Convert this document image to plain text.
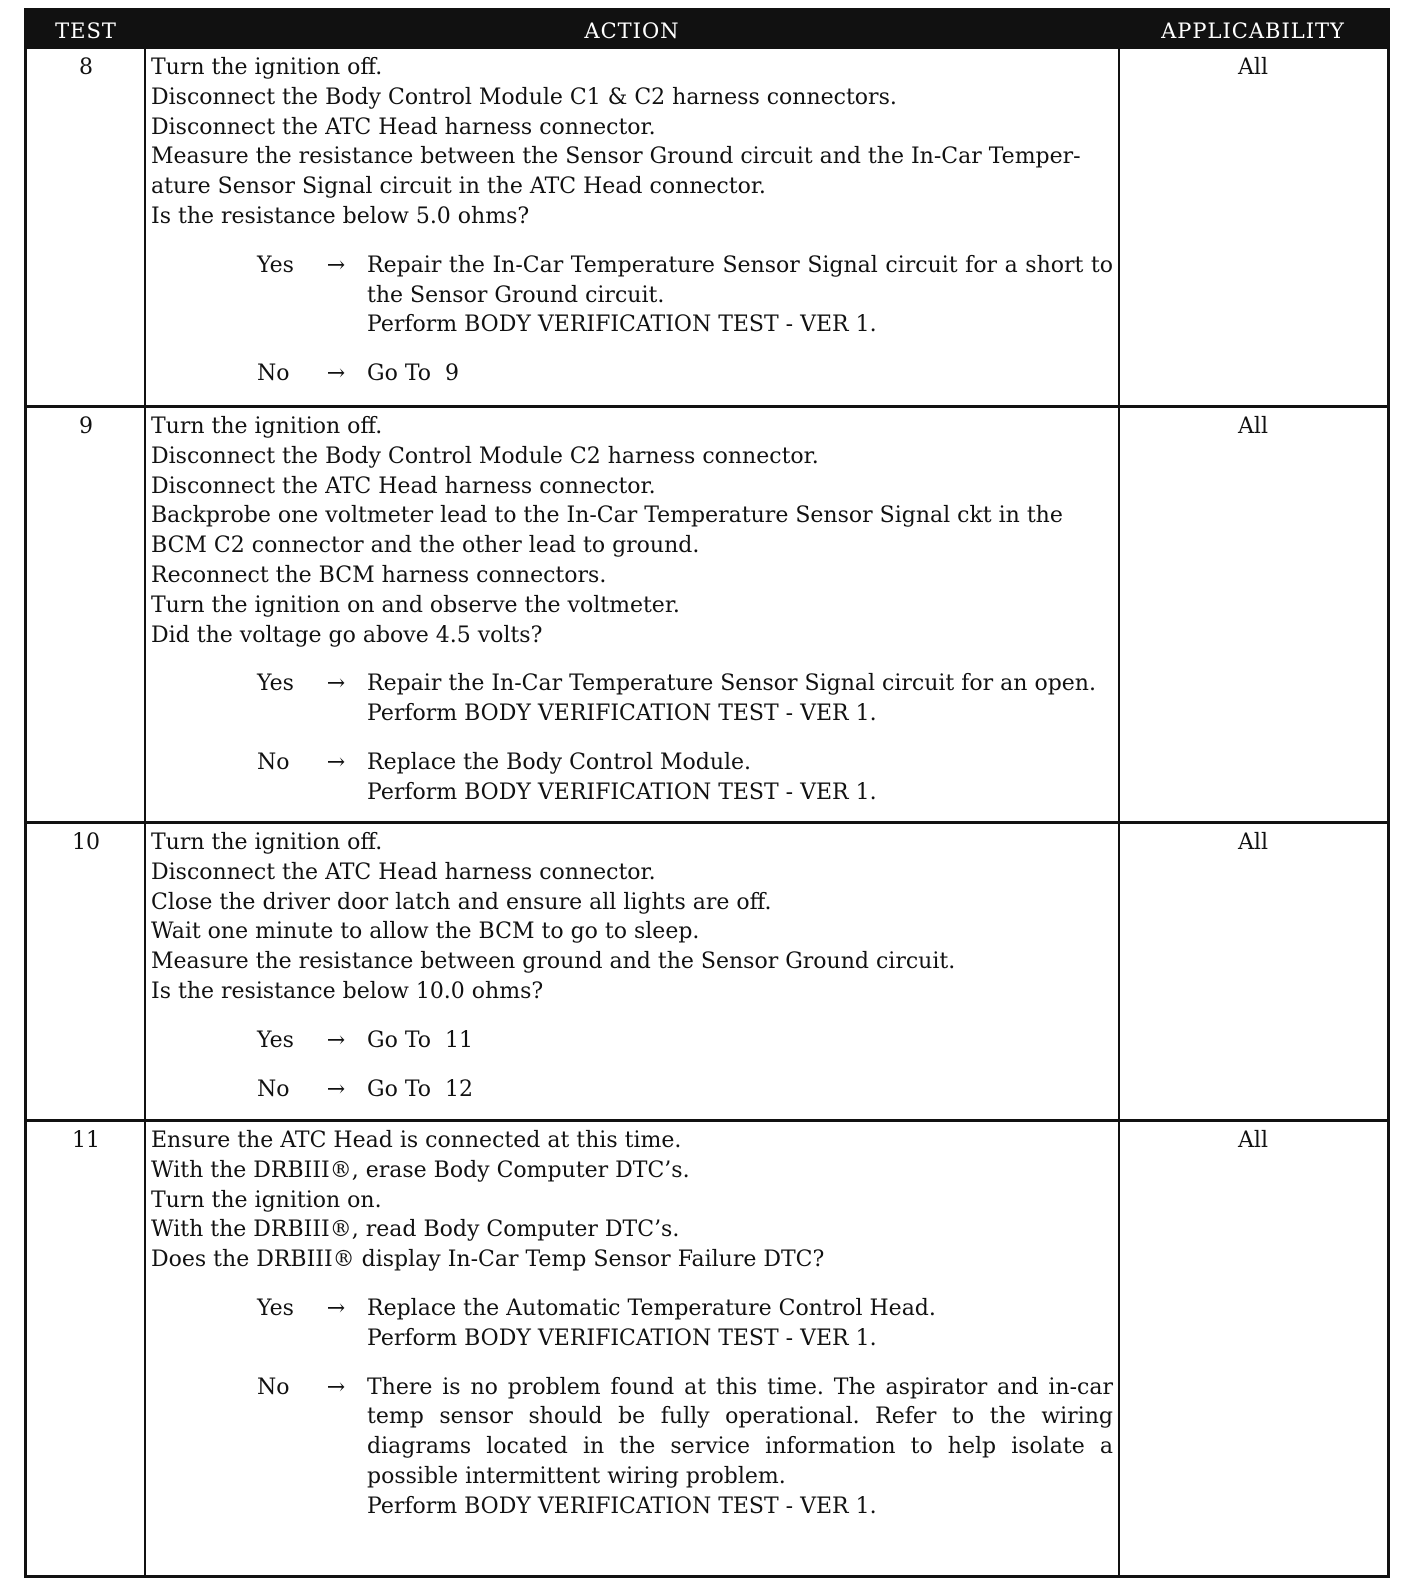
TEST	ACTION	APPLICABILITY
8	Turn the ignition off.
Disconnect the Body Control Module C1 & C2 harness connectors.
Disconnect the ATC Head harness connector.
Measure the resistance between the Sensor Ground circuit and the In-Car Temper-
ature Sensor Signal circuit in the ATC Head connector.
Is the resistance below 5.0 ohms?
Yes	→ Repair the In-Car Temperature Sensor Signal circuit for a short to the Sensor Ground circuit.
Perform BODY VERIFICATION TEST - VER 1.
No	→ Go To 9
All
9	Turn the ignition off.
Disconnect the Body Control Module C2 harness connector.
Disconnect the ATC Head harness connector.
Backprobe one voltmeter lead to the In-Car Temperature Sensor Signal ckt in the
BCM C2 connector and the other lead to ground.
Reconnect the BCM harness connectors.
Turn the ignition on and observe the voltmeter.
Did the voltage go above 4.5 volts?
Yes	→ Repair the In-Car Temperature Sensor Signal circuit for an open.
Perform BODY VERIFICATION TEST - VER 1.
No	→ Replace the Body Control Module.
Perform BODY VERIFICATION TEST - VER 1.
All
10	Turn the ignition off.
Disconnect the ATC Head harness connector.
Close the driver door latch and ensure all lights are off.
Wait one minute to allow the BCM to go to sleep.
Measure the resistance between ground and the Sensor Ground circuit.
Is the resistance below 10.0 ohms?
Yes	→ Go To 11
No	→ Go To 12
All
11	Ensure the ATC Head is connected at this time.
With the DRBIII®, erase Body Computer DTC’s.
Turn the ignition on.
With the DRBIII®, read Body Computer DTC’s.
Does the DRBIII® display In-Car Temp Sensor Failure DTC?
Yes	→ Replace the Automatic Temperature Control Head.
Perform BODY VERIFICATION TEST - VER 1.
No	→ There is no problem found at this time. The aspirator and in-car temp sensor should be fully operational. Refer to the wiring diagrams located in the service information to help isolate a possible intermittent wiring problem.
Perform BODY VERIFICATION TEST - VER 1.
All
